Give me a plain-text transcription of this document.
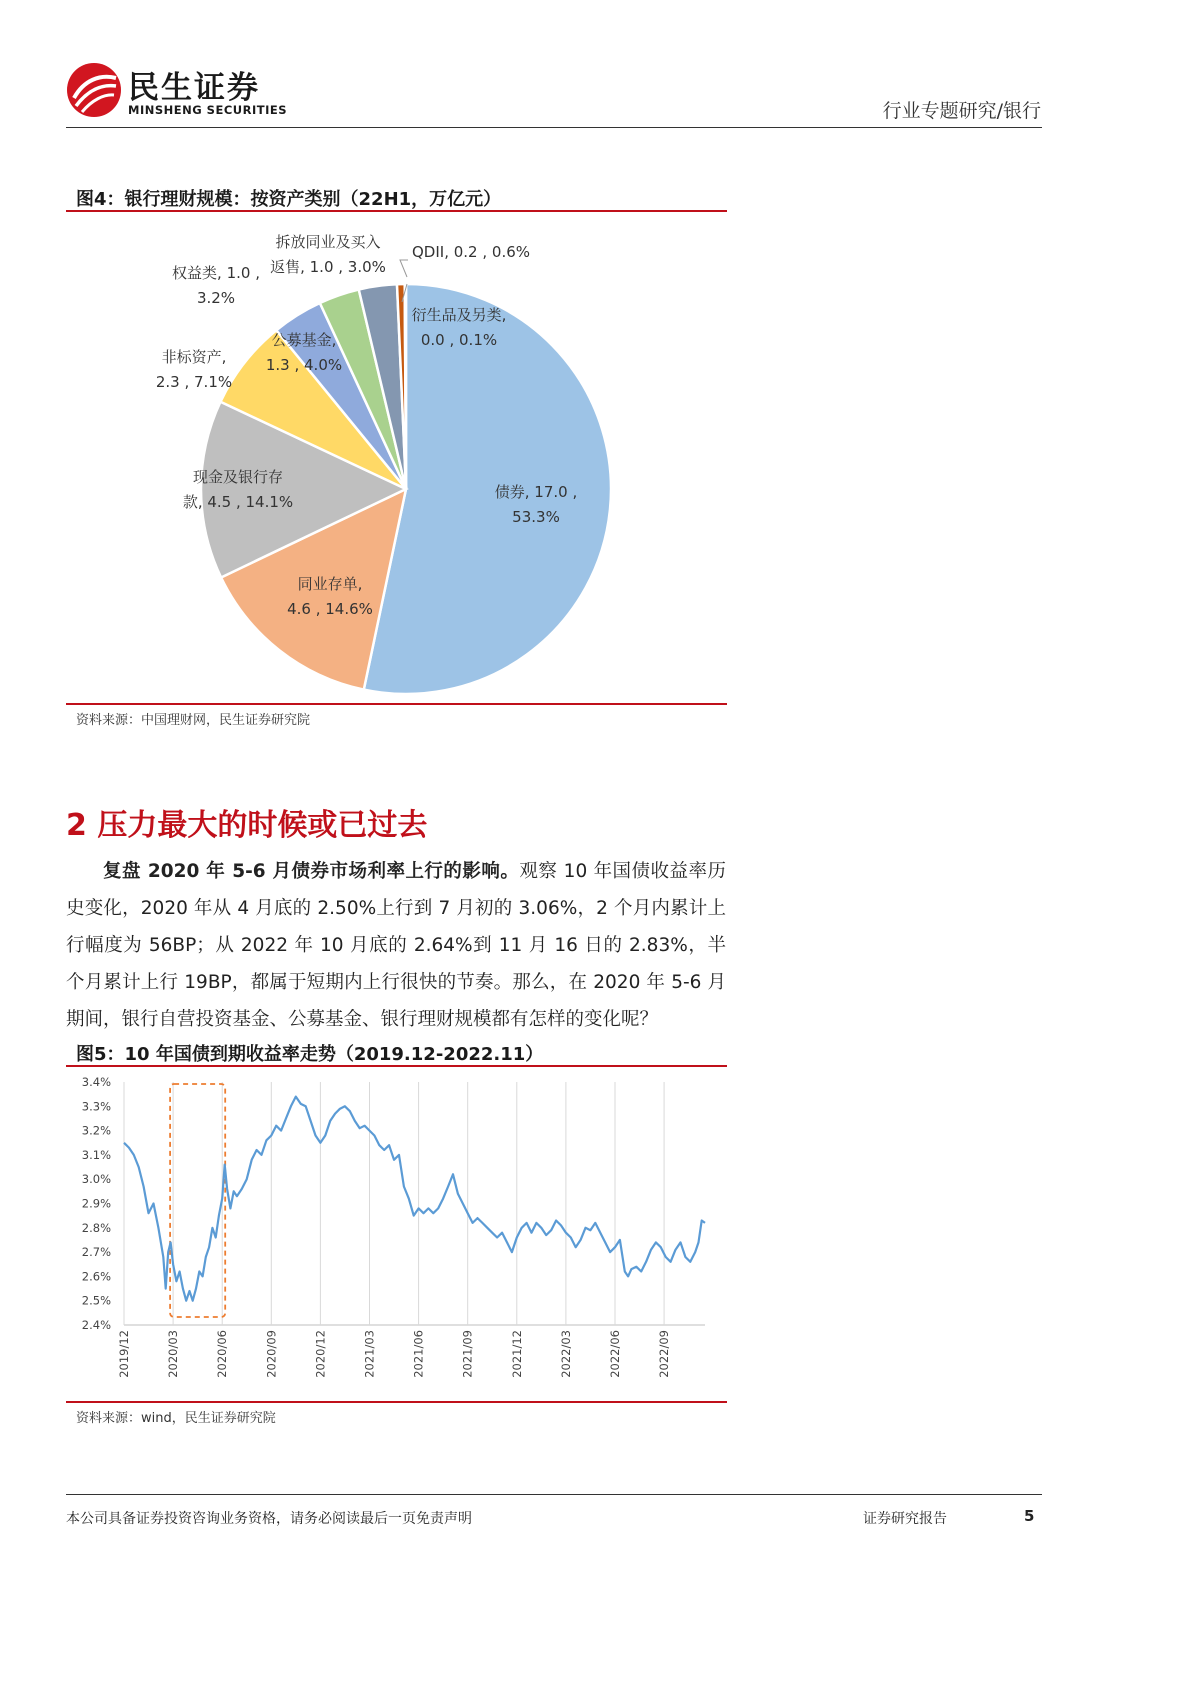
民生证券
MINSHENG SECURITIES	行业专题研究/银行
图4：银行理财规模：按资产类别（22H1，万亿元）
债券, 17.0 ,
53.3%
同业存单,
4.6 , 14.6%
现金及银行存
款, 4.5 , 14.1%
非标资产,
2.3 , 7.1%
公募基金,
1.3 , 4.0%
权益类, 1.0 ,
3.2%
拆放同业及买入
返售, 1.0 , 3.0%
QDII, 0.2 , 0.6%
衍生品及另类,
0.0 , 0.1%
资料来源：中国理财网，民生证券研究院
2 压力最大的时候或已过去
复盘 2020 年 5-6 月债券市场利率上行的影响。观察 10 年国债收益率历史变化，2020 年从 4 月底的 2.50%上行到 7 月初的 3.06%，2 个月内累计上行幅度为 56BP；从 2022 年 10 月底的 2.64%到 11 月 16 日的 2.83%，半个月累计上行 19BP，都属于短期内上行很快的节奏。那么，在 2020 年 5-6 月期间，银行自营投资基金、公募基金、银行理财规模都有怎样的变化呢？
图5：10 年国债到期收益率走势（2019.12-2022.11）
2.4%
2.5%
2.6%
2.7%
2.8%
2.9%
3.0%
3.1%
3.2%
3.3%
3.4%
2019/12	2020/03	2020/06	2020/09	2020/12	2021/03	2021/06	2021/09	2021/12	2022/03	2022/06	2022/09
资料来源：wind，民生证券研究院
本公司具备证券投资咨询业务资格，请务必阅读最后一页免责声明	证券研究报告	5
